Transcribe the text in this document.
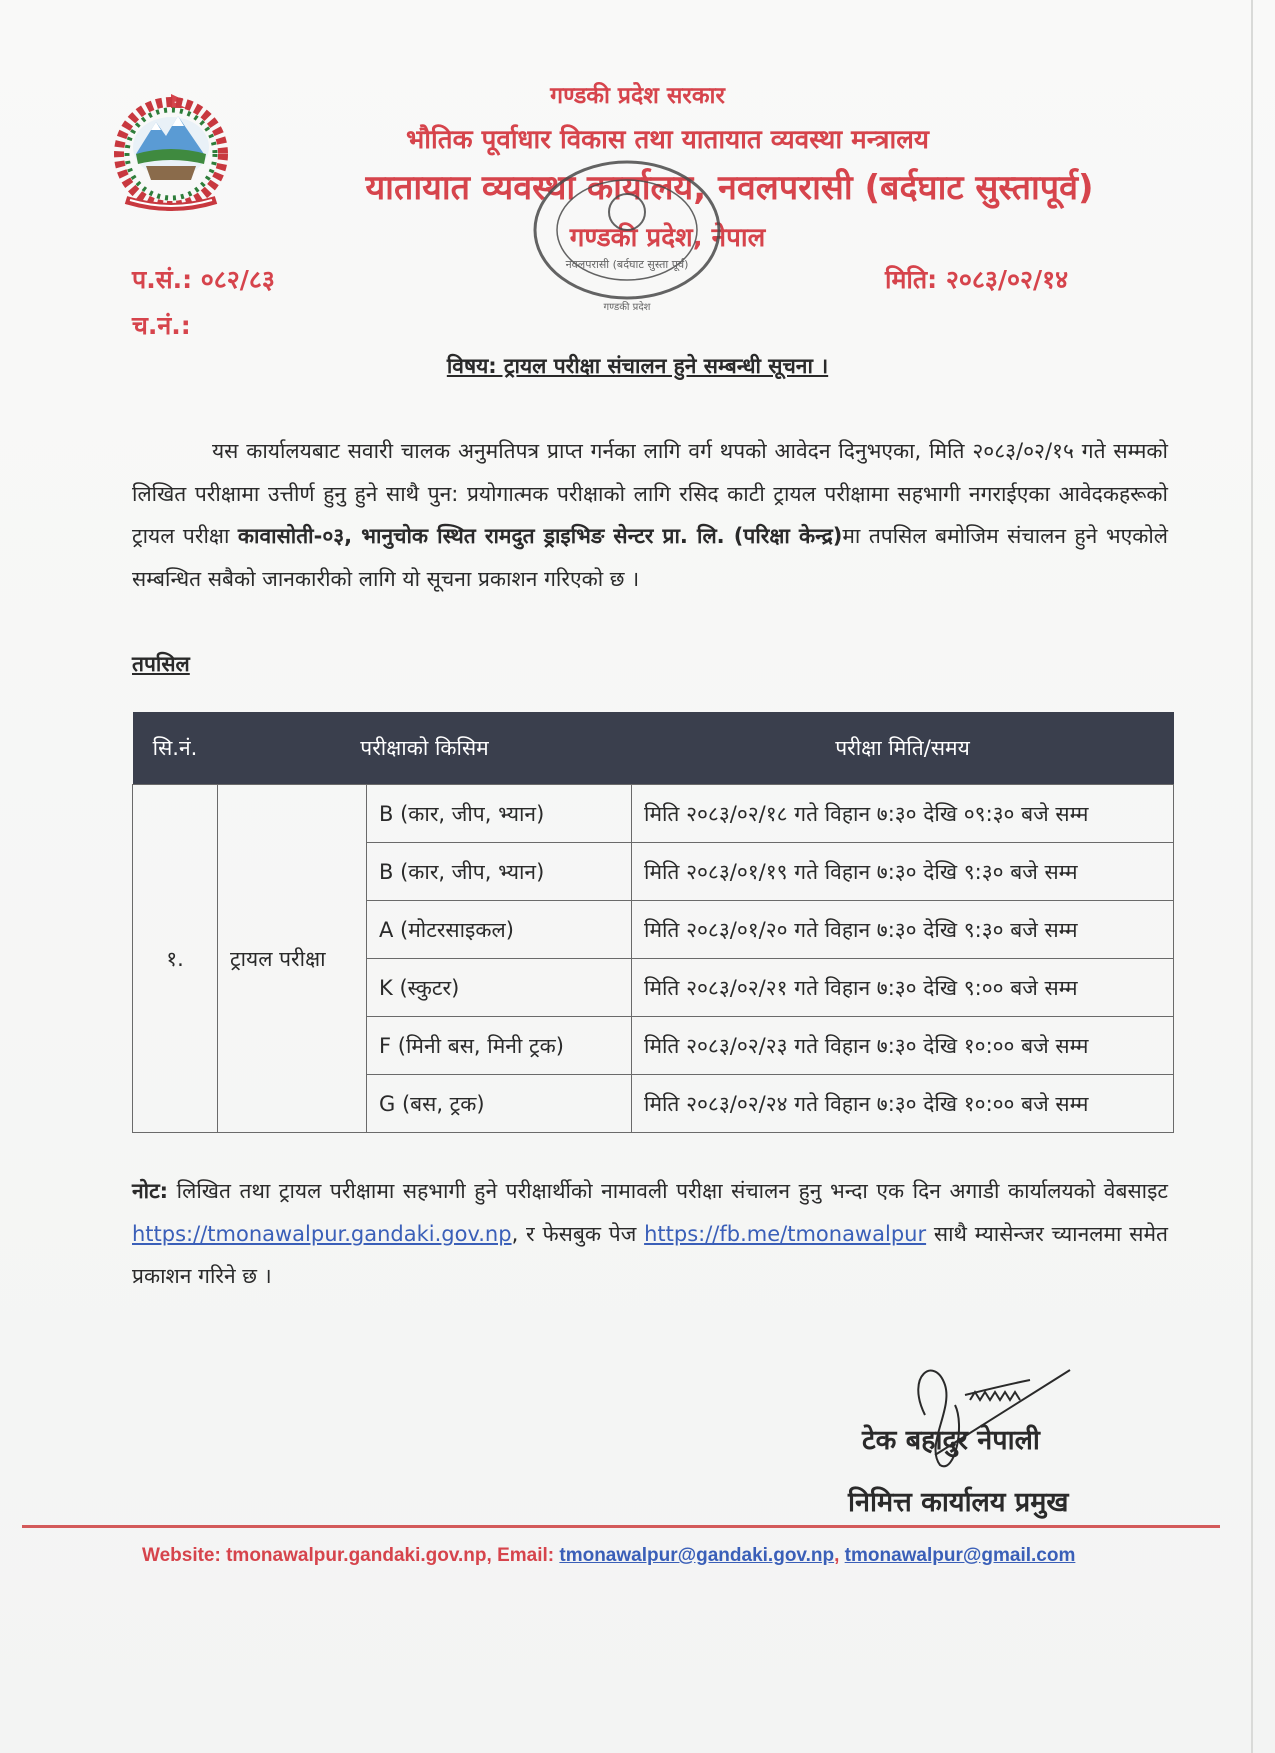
गण्डकी प्रदेश सरकार
भौतिक पूर्वाधार विकास तथा यातायात व्यवस्था मन्त्रालय
यातायात व्यवस्था कार्यालय, नवलपरासी (बर्दघाट सुस्तापूर्व)
गण्डकी प्रदेश, नेपाल
नवलपरासी (बर्दघाट सुस्ता पूर्व)
गण्डकी प्रदेश
प.सं.: ०८२/८३
च.नं.:
मिति: २०८३/०२/१४
विषय: ट्रायल परीक्षा संचालन हुने सम्बन्धी सूचना ।
यस कार्यालयबाट सवारी चालक अनुमतिपत्र प्राप्त गर्नका लागि वर्ग थपको आवेदन दिनुभएका, मिति २०८३/०२/१५ गते सम्मको लिखित परीक्षामा उत्तीर्ण हुनु हुने साथै पुन: प्रयोगात्मक परीक्षाको लागि रसिद काटी ट्रायल परीक्षामा सहभागी नगराईएका आवेदकहरूको ट्रायल परीक्षा कावासोती-०३, भानुचोक स्थित रामदुत ड्राइभिङ सेन्टर प्रा. लि. (परिक्षा केन्द्र)मा तपसिल बमोजिम संचालन हुने भएकोले सम्बन्धित सबैको जानकारीको लागि यो सूचना प्रकाशन गरिएको छ ।
तपसिल
सि.नं.	परीक्षाको किसिम		परीक्षा मिति/समय
१.	ट्रायल परीक्षा	B (कार, जीप, भ्यान)	मिति २०८३/०२/१८ गते विहान ७:३० देखि ०९:३० बजे सम्म
		B (कार, जीप, भ्यान)	मिति २०८३/०१/१९ गते विहान ७:३० देखि ९:३० बजे सम्म
		A (मोटरसाइकल)	मिति २०८३/०१/२० गते विहान ७:३० देखि ९:३० बजे सम्म
		K (स्कुटर)	मिति २०८३/०२/२१ गते विहान ७:३० देखि ९:०० बजे सम्म
		F (मिनी बस, मिनी ट्रक)	मिति २०८३/०२/२३ गते विहान ७:३० देखि १०:०० बजे सम्म
		G (बस, ट्रक)	मिति २०८३/०२/२४ गते विहान ७:३० देखि १०:०० बजे सम्म
नोट: लिखित तथा ट्रायल परीक्षामा सहभागी हुने परीक्षार्थीको नामावली परीक्षा संचालन हुनु भन्दा एक दिन अगाडी कार्यालयको वेबसाइट https://tmonawalpur.gandaki.gov.np, र फेसबुक पेज https://fb.me/tmonawalpur साथै म्यासेन्जर च्यानलमा समेत प्रकाशन गरिने छ ।
टेक बहादुर नेपाली
निमित्त कार्यालय प्रमुख
Website: tmonawalpur.gandaki.gov.np, Email: tmonawalpur@gandaki.gov.np, tmonawalpur@gmail.com
